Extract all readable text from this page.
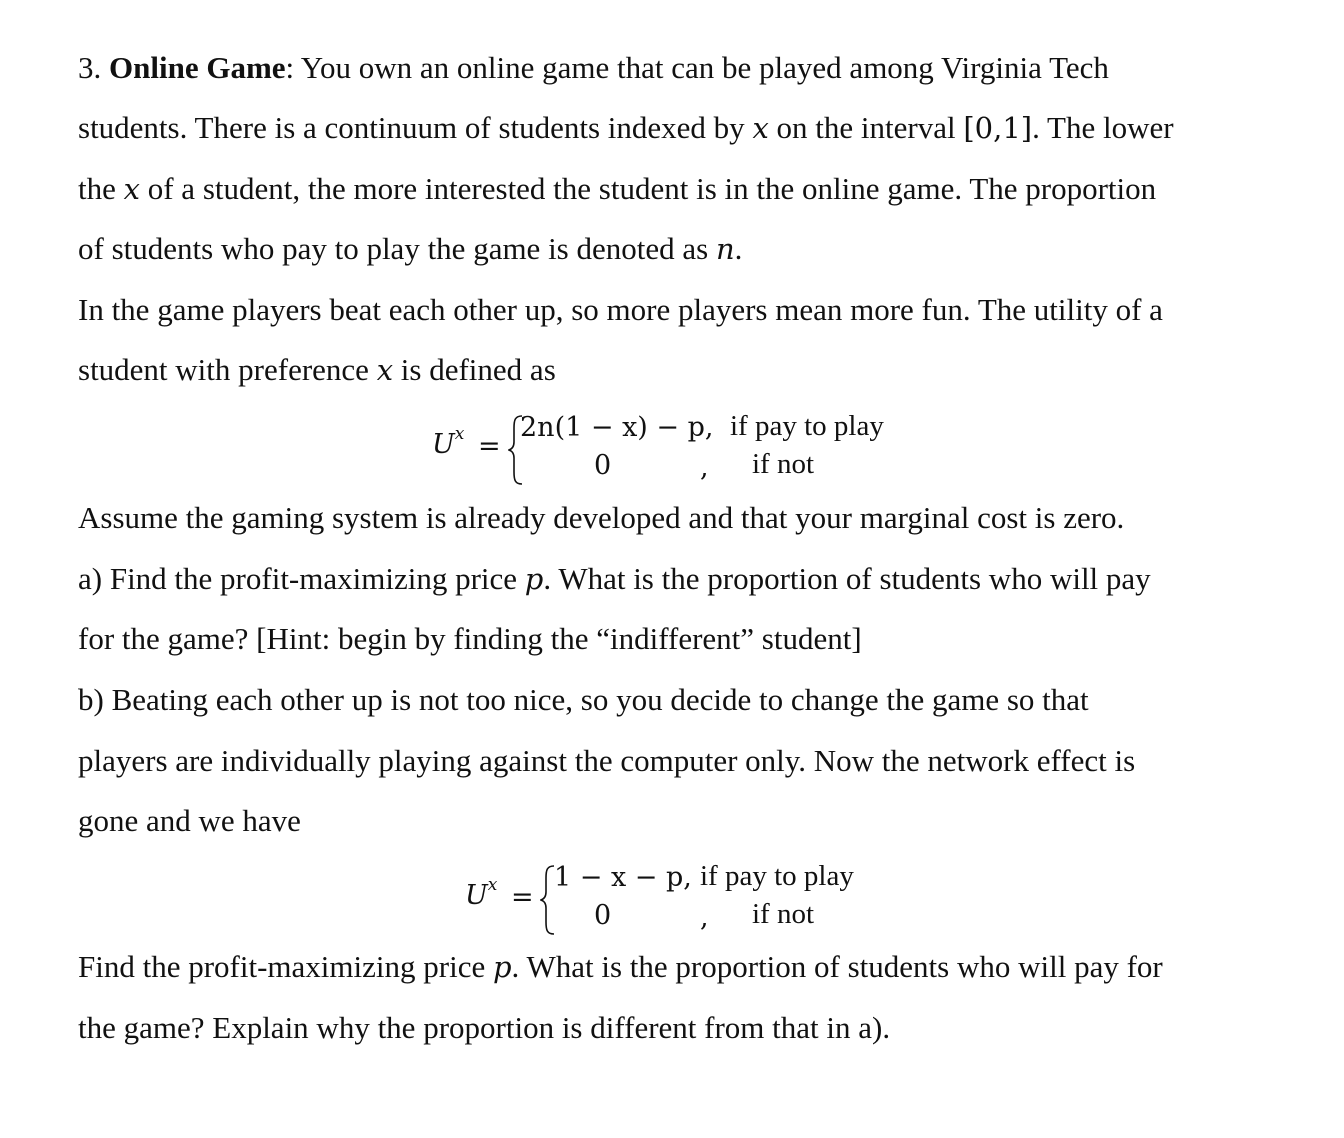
3. Online Game: You own an online game that can be played among Virginia Tech
students. There is a continuum of students indexed by x on the interval [0,1]. The lower
the x of a student, the more interested the student is in the online game. The proportion
of students who pay to play the game is denoted as n.
In the game players beat each other up, so more players mean more fun. The utility of a
student with preference x is defined as
$U^x$ =
2n(1 − x) − p, if pay to play
0	, if not
Assume the gaming system is already developed and that your marginal cost is zero.
a) Find the profit-maximizing price p. What is the proportion of students who will pay
for the game? [Hint: begin by finding the “indifferent” student]
b) Beating each other up is not too nice, so you decide to change the game so that
players are individually playing against the computer only. Now the network effect is
gone and we have
$U^x$ =
1 − x − p, if pay to play
0	, if not
Find the profit-maximizing price p. What is the proportion of students who will pay for
the game? Explain why the proportion is different from that in a).
